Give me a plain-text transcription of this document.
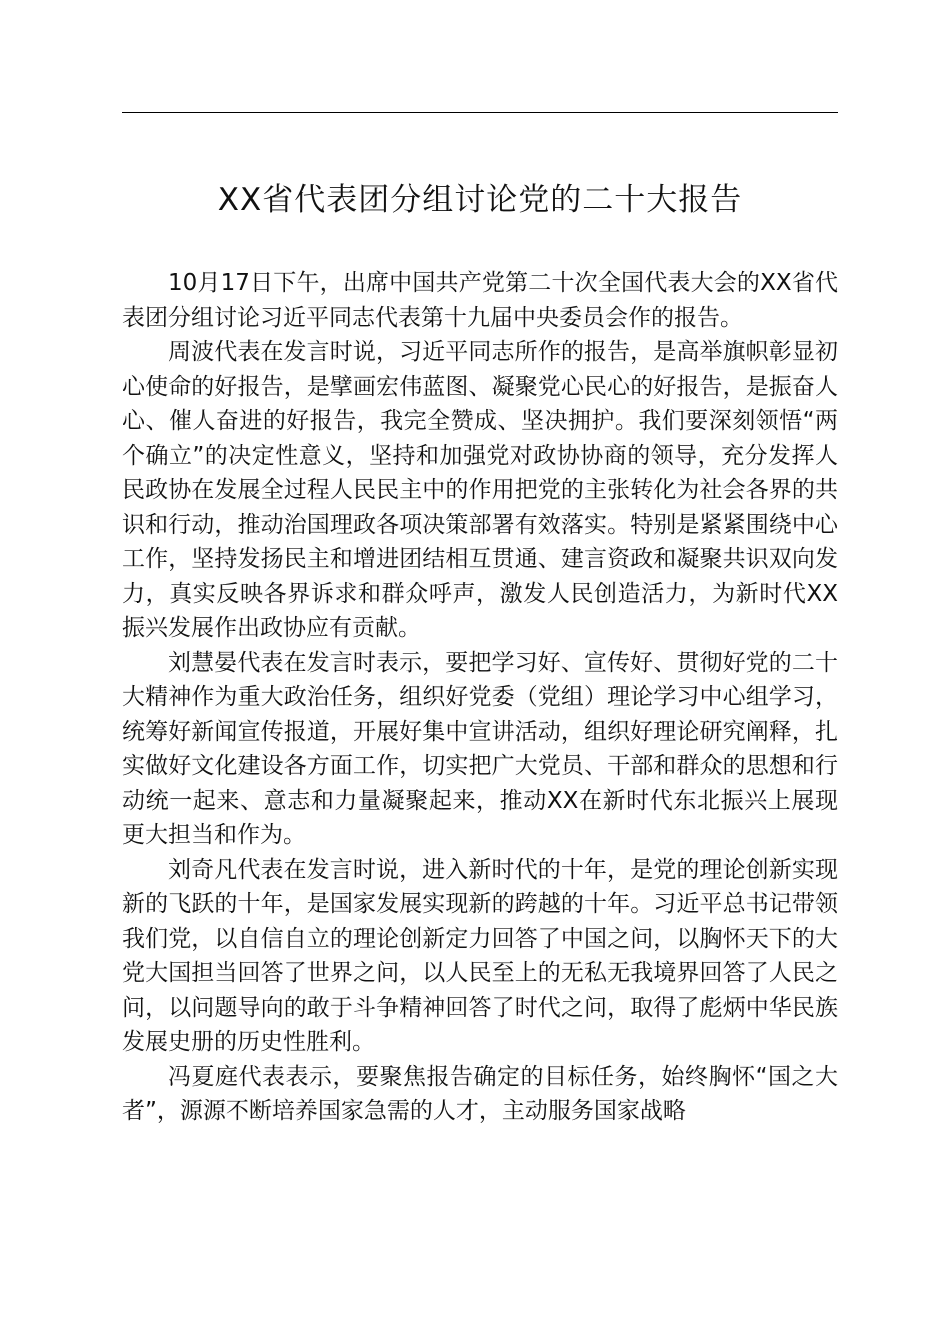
XX省代表团分组讨论党的二十大报告

10月17日下午，出席中国共产党第二十次全国代表大会的XX省代表团分组讨论习近平同志代表第十九届中央委员会作的报告。

周波代表在发言时说，习近平同志所作的报告，是高举旗帜彰显初心使命的好报告，是擘画宏伟蓝图、凝聚党心民心的好报告，是振奋人心、催人奋进的好报告，我完全赞成、坚决拥护。我们要深刻领悟“两个确立”的决定性意义，坚持和加强党对政协协商的领导，充分发挥人民政协在发展全过程人民民主中的作用把党的主张转化为社会各界的共识和行动，推动治国理政各项决策部署有效落实。特别是紧紧围绕中心工作，坚持发扬民主和增进团结相互贯通、建言资政和凝聚共识双向发力，真实反映各界诉求和群众呼声，激发人民创造活力，为新时代XX振兴发展作出政协应有贡献。

刘慧晏代表在发言时表示，要把学习好、宣传好、贯彻好党的二十大精神作为重大政治任务，组织好党委（党组）理论学习中心组学习，统筹好新闻宣传报道，开展好集中宣讲活动，组织好理论研究阐释，扎实做好文化建设各方面工作，切实把广大党员、干部和群众的思想和行动统一起来、意志和力量凝聚起来，推动XX在新时代东北振兴上展现更大担当和作为。

刘奇凡代表在发言时说，进入新时代的十年，是党的理论创新实现新的飞跃的十年，是国家发展实现新的跨越的十年。习近平总书记带领我们党，以自信自立的理论创新定力回答了中国之问，以胸怀天下的大党大国担当回答了世界之问，以人民至上的无私无我境界回答了人民之问，以问题导向的敢于斗争精神回答了时代之问，取得了彪炳中华民族发展史册的历史性胜利。

冯夏庭代表表示，要聚焦报告确定的目标任务，始终胸怀“国之大者”，源源不断培养国家急需的人才，主动服务国家战略
